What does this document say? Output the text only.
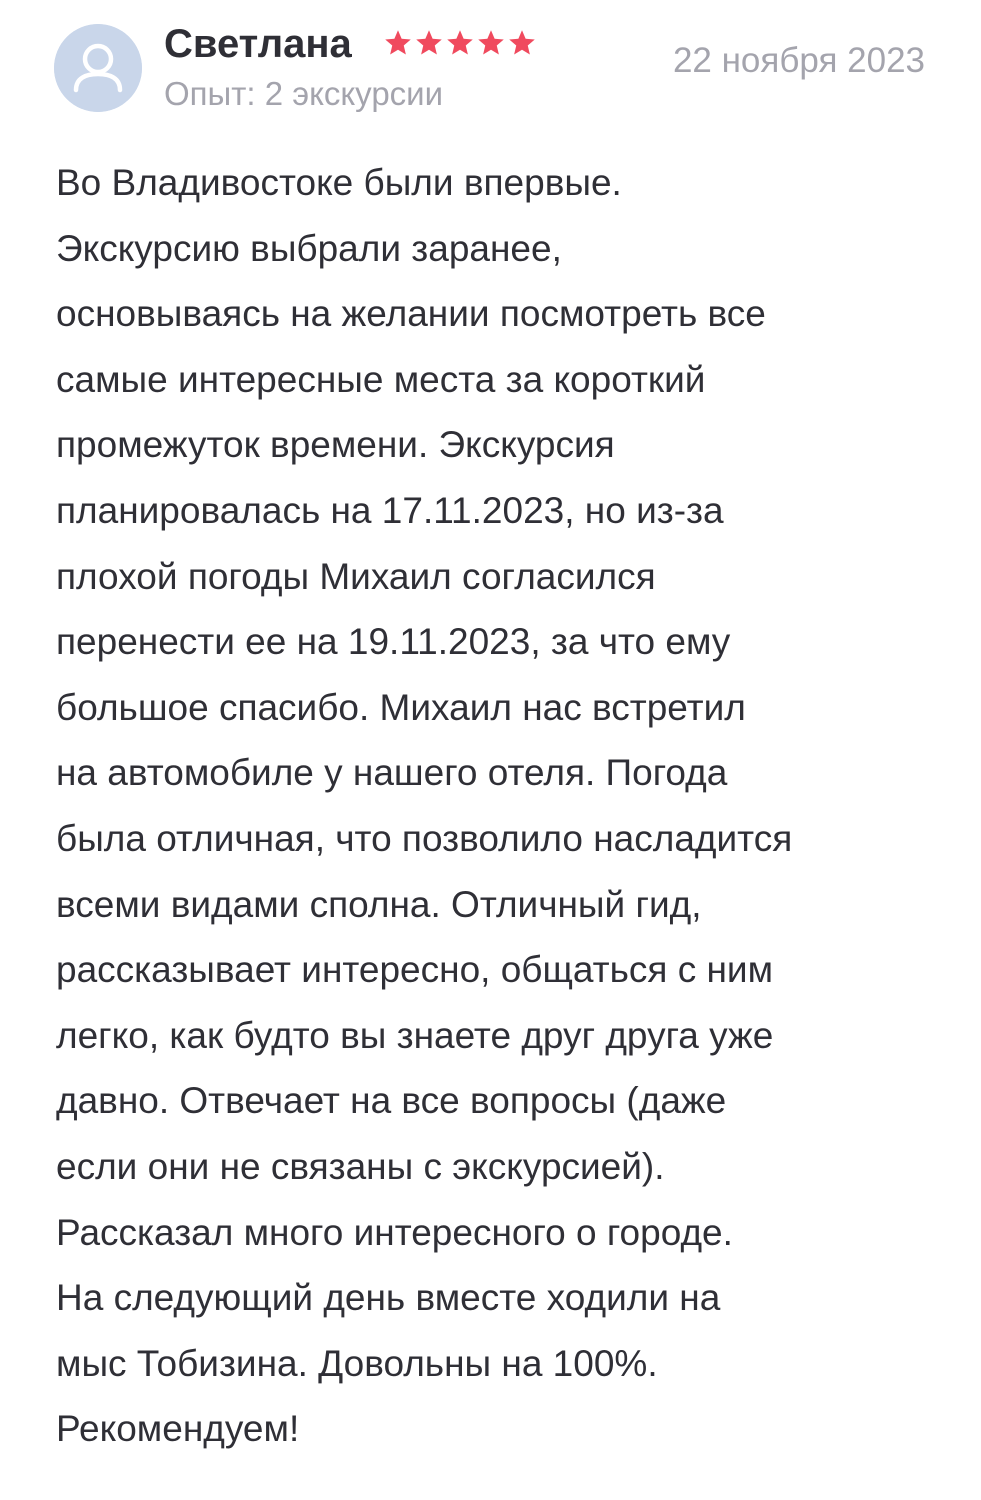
Светлана
Опыт: 2 экскурсии
22 ноября 2023

Во Владивостоке были впервые.
Экскурсию выбрали заранее,
основываясь на желании посмотреть все
самые интересные места за короткий
промежуток времени. Экскурсия
планировалась на 17.11.2023, но из-за
плохой погоды Михаил согласился
перенести ее на 19.11.2023, за что ему
большое спасибо. Михаил нас встретил
на автомобиле у нашего отеля. Погода
была отличная, что позволило насладится
всеми видами сполна. Отличный гид,
рассказывает интересно, общаться с ним
легко, как будто вы знаете друг друга уже
давно. Отвечает на все вопросы (даже
если они не связаны с экскурсией).
Рассказал много интересного о городе.
На следующий день вместе ходили на
мыс Тобизина. Довольны на 100%.
Рекомендуем!
